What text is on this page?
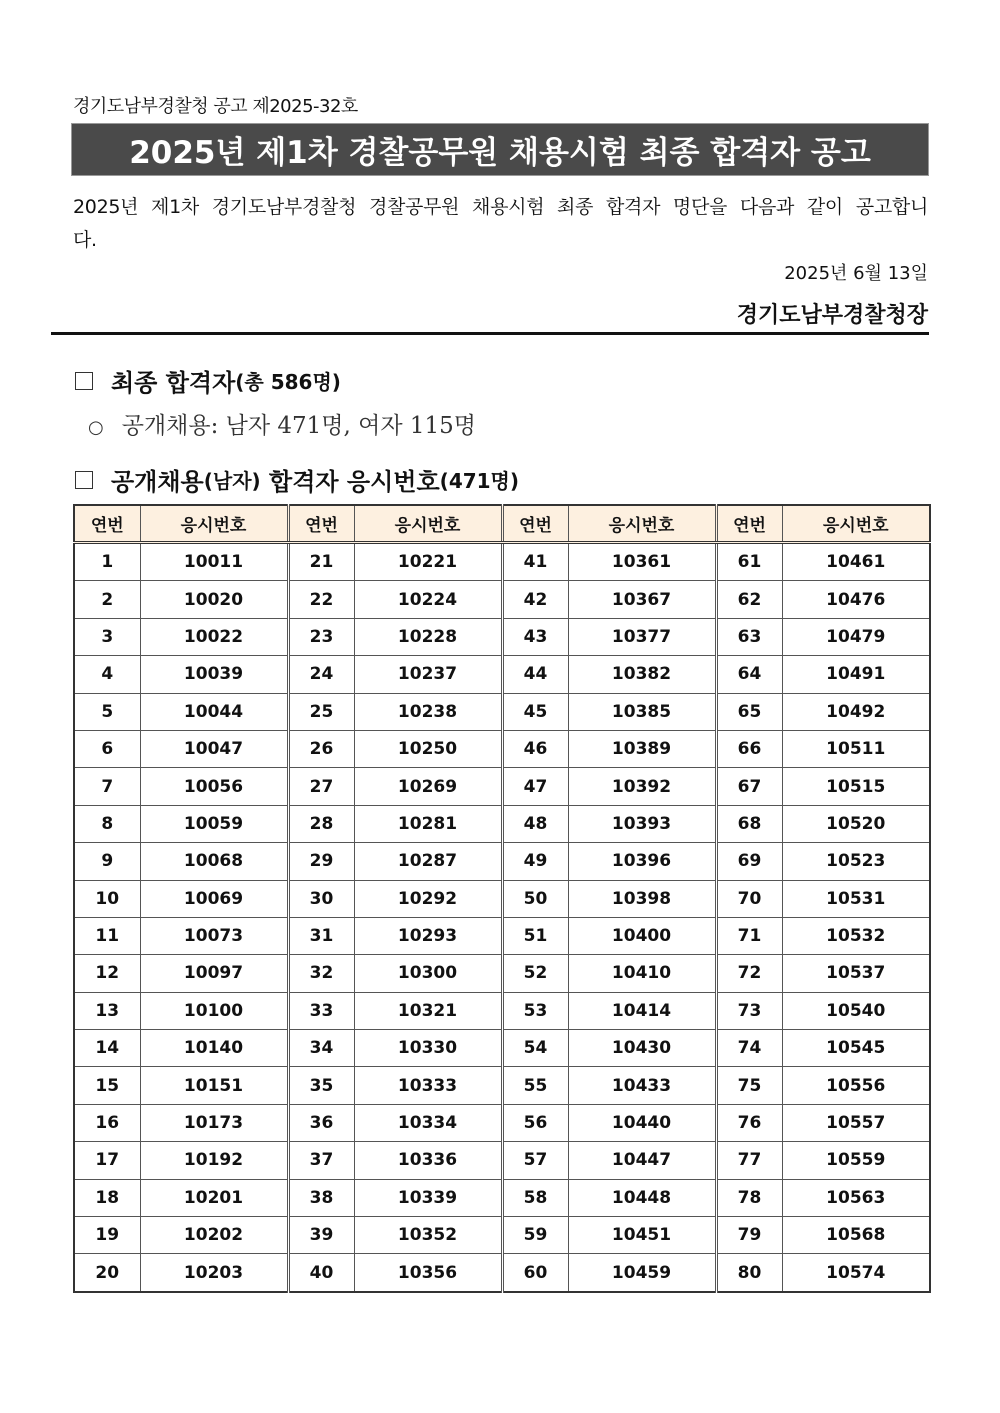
경기도남부경찰청 공고 제2025-32호
2025년 제1차 경찰공무원 채용시험 최종 합격자 공고
2025년 제1차 경기도남부경찰청 경찰공무원 채용시험 최종 합격자 명단을 다음과 같이 공고합니다.
2025년 6월 13일
경기도남부경찰청장
최종 합격자 (총 586명)
○ 공개채용: 남자 471명, 여자 115명
공개채용 (남자) 합격자 응시번호 (471명)
연번	응시번호	연번	응시번호	연번	응시번호	연번	응시번호
1	10011	21	10221	41	10361	61	10461
2	10020	22	10224	42	10367	62	10476
3	10022	23	10228	43	10377	63	10479
4	10039	24	10237	44	10382	64	10491
5	10044	25	10238	45	10385	65	10492
6	10047	26	10250	46	10389	66	10511
7	10056	27	10269	47	10392	67	10515
8	10059	28	10281	48	10393	68	10520
9	10068	29	10287	49	10396	69	10523
10	10069	30	10292	50	10398	70	10531
11	10073	31	10293	51	10400	71	10532
12	10097	32	10300	52	10410	72	10537
13	10100	33	10321	53	10414	73	10540
14	10140	34	10330	54	10430	74	10545
15	10151	35	10333	55	10433	75	10556
16	10173	36	10334	56	10440	76	10557
17	10192	37	10336	57	10447	77	10559
18	10201	38	10339	58	10448	78	10563
19	10202	39	10352	59	10451	79	10568
20	10203	40	10356	60	10459	80	10574
